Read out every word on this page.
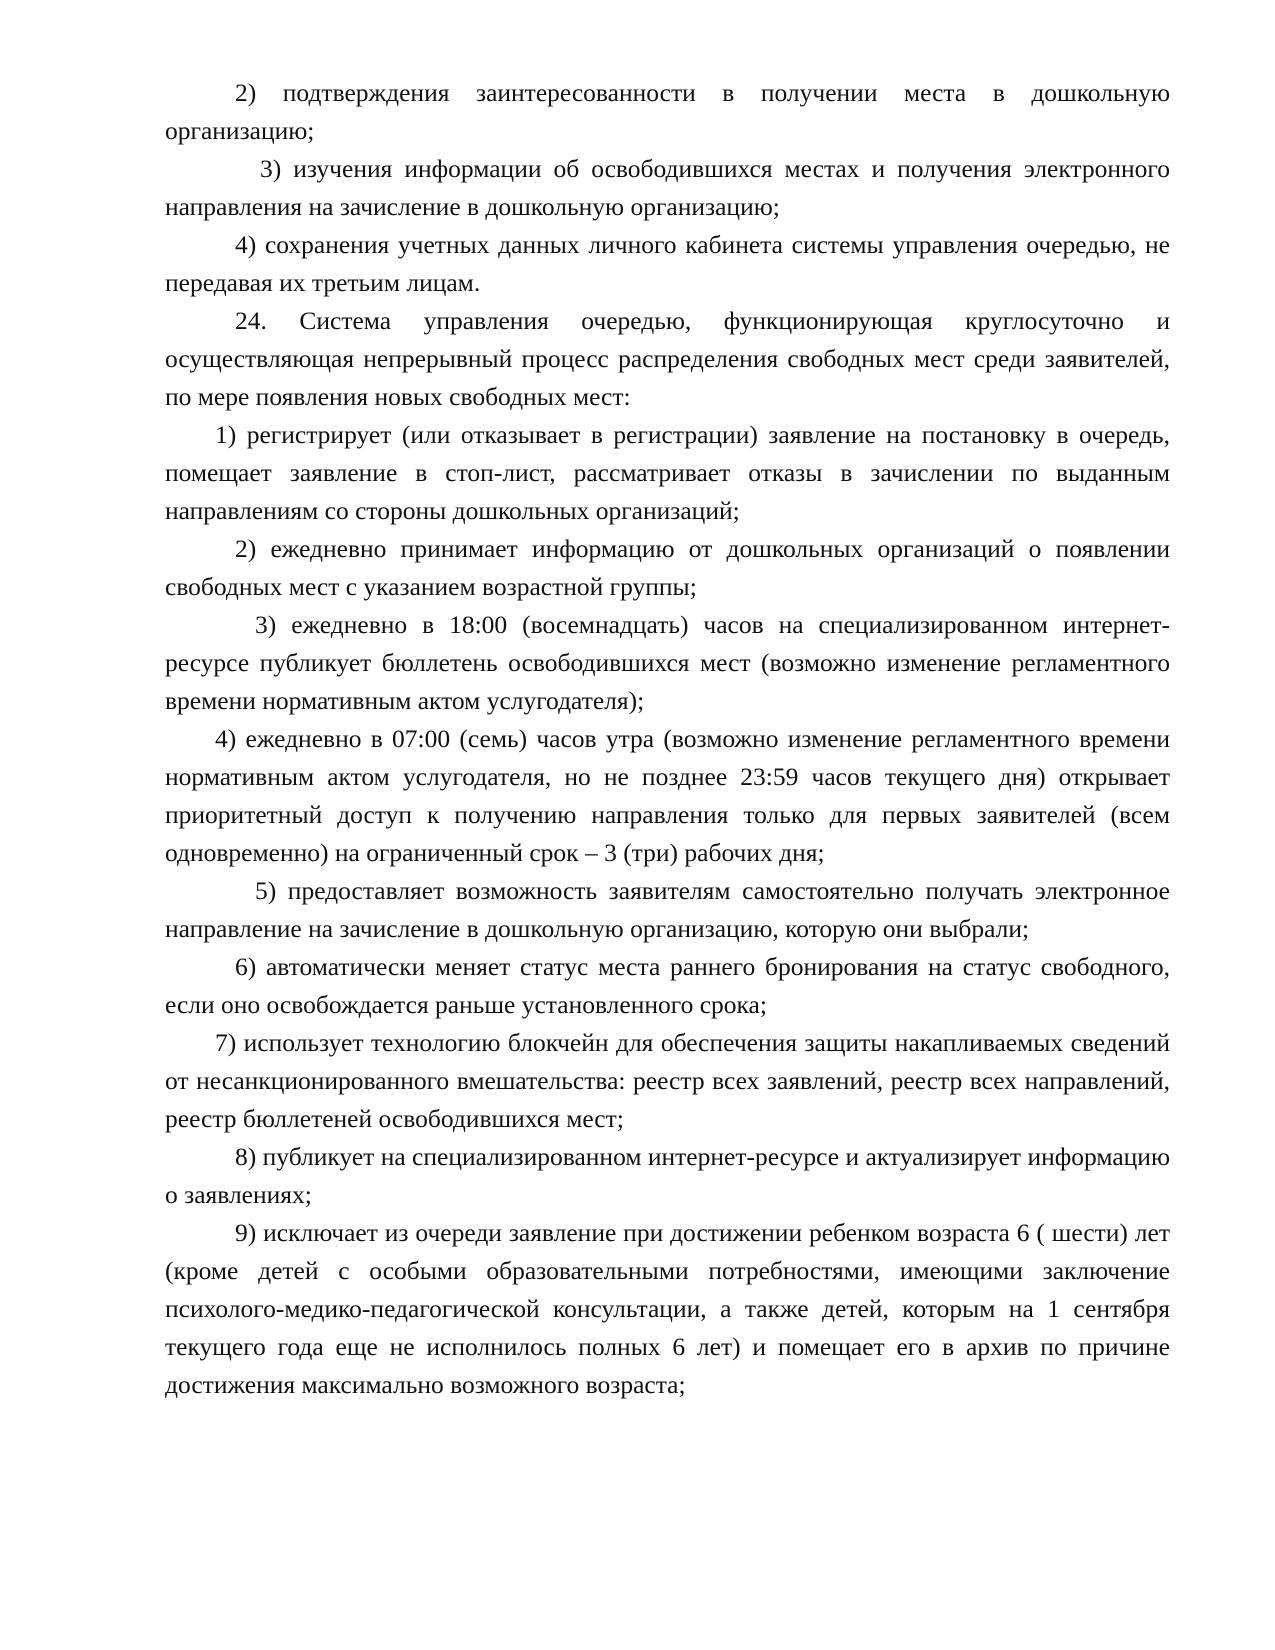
2) подтверждения заинтересованности в получении места в дошкольную организацию;

3) изучения информации об освободившихся местах и получения электронного направления на зачисление в дошкольную организацию;

4) сохранения учетных данных личного кабинета системы управления очередью, не передавая их третьим лицам.

24. Система управления очередью, функционирующая круглосуточно и осуществляющая непрерывный процесс распределения свободных мест среди заявителей, по мере появления новых свободных мест:

1) регистрирует (или отказывает в регистрации) заявление на постановку в очередь, помещает заявление в стоп-лист, рассматривает отказы в зачислении по выданным направлениям со стороны дошкольных организаций;

2) ежедневно принимает информацию от дошкольных организаций о появлении свободных мест с указанием возрастной группы;

3) ежедневно в 18:00 (восемнадцать) часов на специализированном интернет-ресурсе публикует бюллетень освободившихся мест (возможно изменение регламентного времени нормативным актом услугодателя);

4) ежедневно в 07:00 (семь) часов утра (возможно изменение регламентного времени нормативным актом услугодателя, но не позднее 23:59 часов текущего дня) открывает приоритетный доступ к получению направления только для первых заявителей (всем одновременно) на ограниченный срок – 3 (три) рабочих дня;

5) предоставляет возможность заявителям самостоятельно получать электронное направление на зачисление в дошкольную организацию, которую они выбрали;

6) автоматически меняет статус места раннего бронирования на статус свободного, если оно освобождается раньше установленного срока;

7) использует технологию блокчейн для обеспечения защиты накапливаемых сведений от несанкционированного вмешательства: реестр всех заявлений, реестр всех направлений, реестр бюллетеней освободившихся мест;

8) публикует на специализированном интернет-ресурсе и актуализирует информацию о заявлениях;

9) исключает из очереди заявление при достижении ребенком возраста 6 ( шести) лет (кроме детей с особыми образовательными потребностями, имеющими заключение психолого-медико-педагогической консультации, а также детей, которым на 1 сентября текущего года еще не исполнилось полных 6 лет) и помещает его в архив по причине достижения максимально возможного возраста;
